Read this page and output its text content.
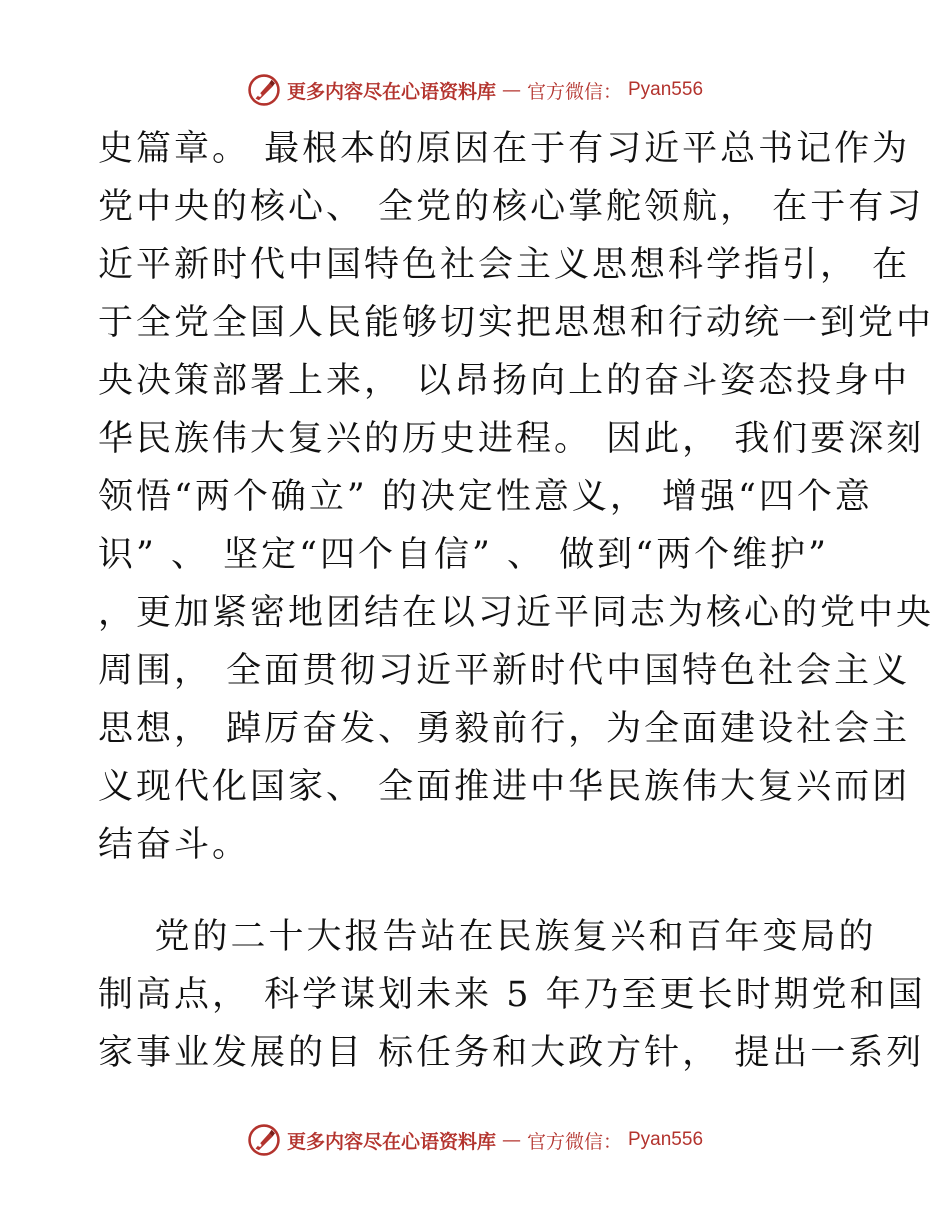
更多内容尽在心语资料库 — 官方微信： Pyan556
史篇章。 最根本的原因在于有习近平总书记作为
党中央的核心、 全党的核心掌舵领航， 在于有习
近平新时代中国特色社会主义思想科学指引， 在
于全党全国人民能够切实把思想和行动统一到党中
央决策部署上来， 以昂扬向上的奋斗姿态投身中
华民族伟大复兴的历史进程。 因此， 我们要深刻
领悟“两个确立” 的决定性意义， 增强“四个意
识” 、 坚定“四个自信” 、 做到“两个维护”
，更加紧密地团结在以习近平同志为核心的党中央
周围， 全面贯彻习近平新时代中国特色社会主义
思想， 踔厉奋发、勇毅前行，为全面建设社会主
义现代化国家、 全面推进中华民族伟大复兴而团
结奋斗。
党的二十大报告站在民族复兴和百年变局的
制高点， 科学谋划未来 5 年乃至更长时期党和国
家事业发展的目 标任务和大政方针， 提出一系列
更多内容尽在心语资料库 — 官方微信： Pyan556
